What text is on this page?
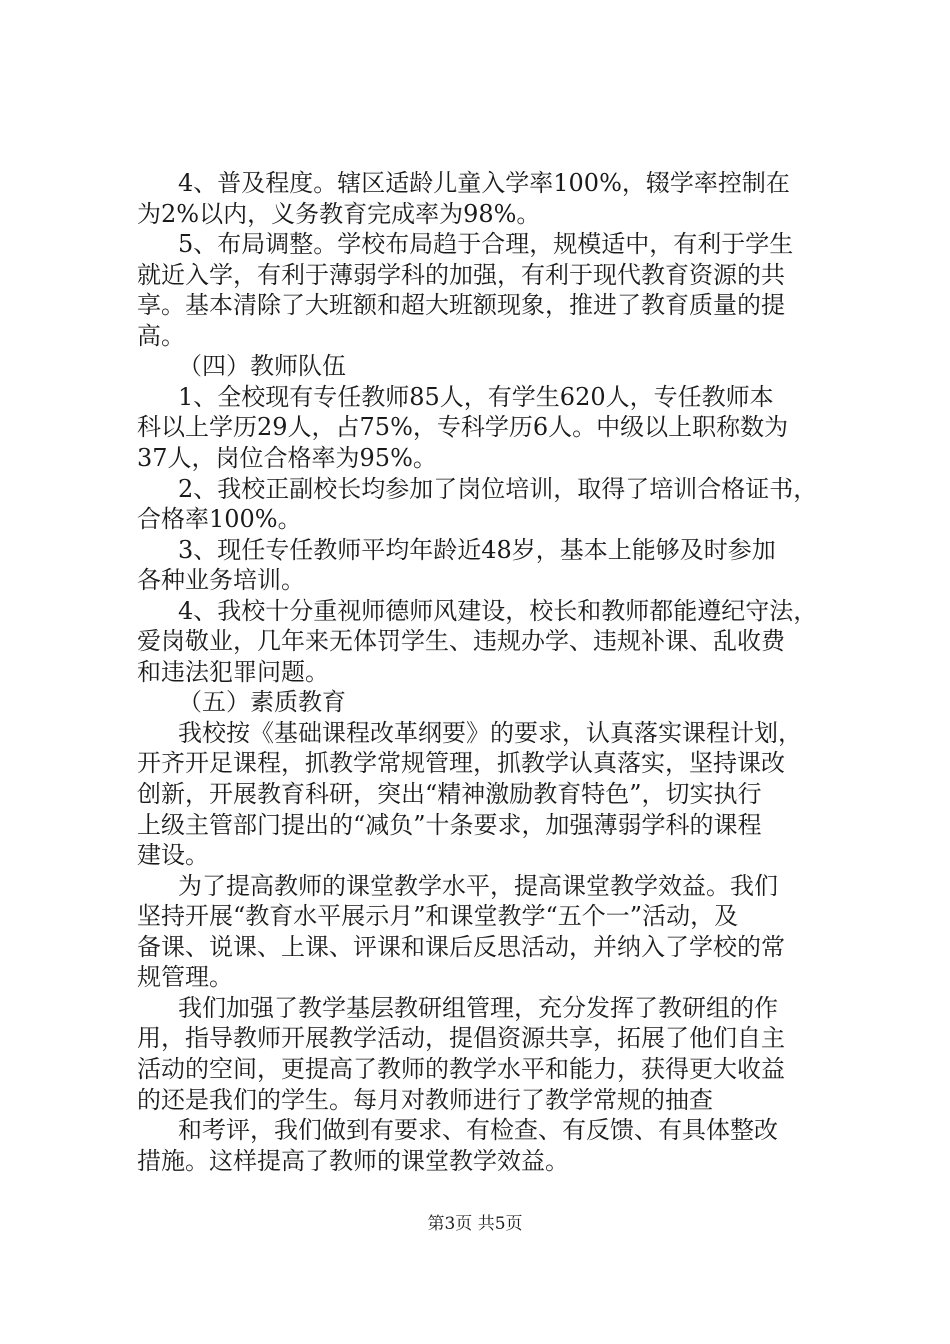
4、普及程度。辖区适龄儿童入学率100%，辍学率控制在
为2%以内，义务教育完成率为98%。
5、布局调整。学校布局趋于合理，规模适中，有利于学生
就近入学，有利于薄弱学科的加强，有利于现代教育资源的共
享。基本清除了大班额和超大班额现象，推进了教育质量的提
高。
（四）教师队伍
1、全校现有专任教师85人，有学生620人，专任教师本
科以上学历29人，占75%，专科学历6人。中级以上职称数为
37人，岗位合格率为95%。
2、我校正副校长均参加了岗位培训，取得了培训合格证书，
合格率100%。
3、现任专任教师平均年龄近48岁，基本上能够及时参加
各种业务培训。
4、我校十分重视师德师风建设，校长和教师都能遵纪守法，
爱岗敬业，几年来无体罚学生、违规办学、违规补课、乱收费
和违法犯罪问题。
（五）素质教育
我校按《基础课程改革纲要》的要求，认真落实课程计划，
开齐开足课程，抓教学常规管理，抓教学认真落实，坚持课改
创新，开展教育科研，突出“精神激励教育特色”，切实执行
上级主管部门提出的“减负”十条要求，加强薄弱学科的课程
建设。
为了提高教师的课堂教学水平，提高课堂教学效益。我们
坚持开展“教育水平展示月”和课堂教学“五个一”活动，及
备课、说课、上课、评课和课后反思活动，并纳入了学校的常
规管理。
我们加强了教学基层教研组管理，充分发挥了教研组的作
用，指导教师开展教学活动，提倡资源共享，拓展了他们自主
活动的空间，更提高了教师的教学水平和能力，获得更大收益
的还是我们的学生。每月对教师进行了教学常规的抽查
和考评，我们做到有要求、有检查、有反馈、有具体整改
措施。这样提高了教师的课堂教学效益。
第3页 共5页
